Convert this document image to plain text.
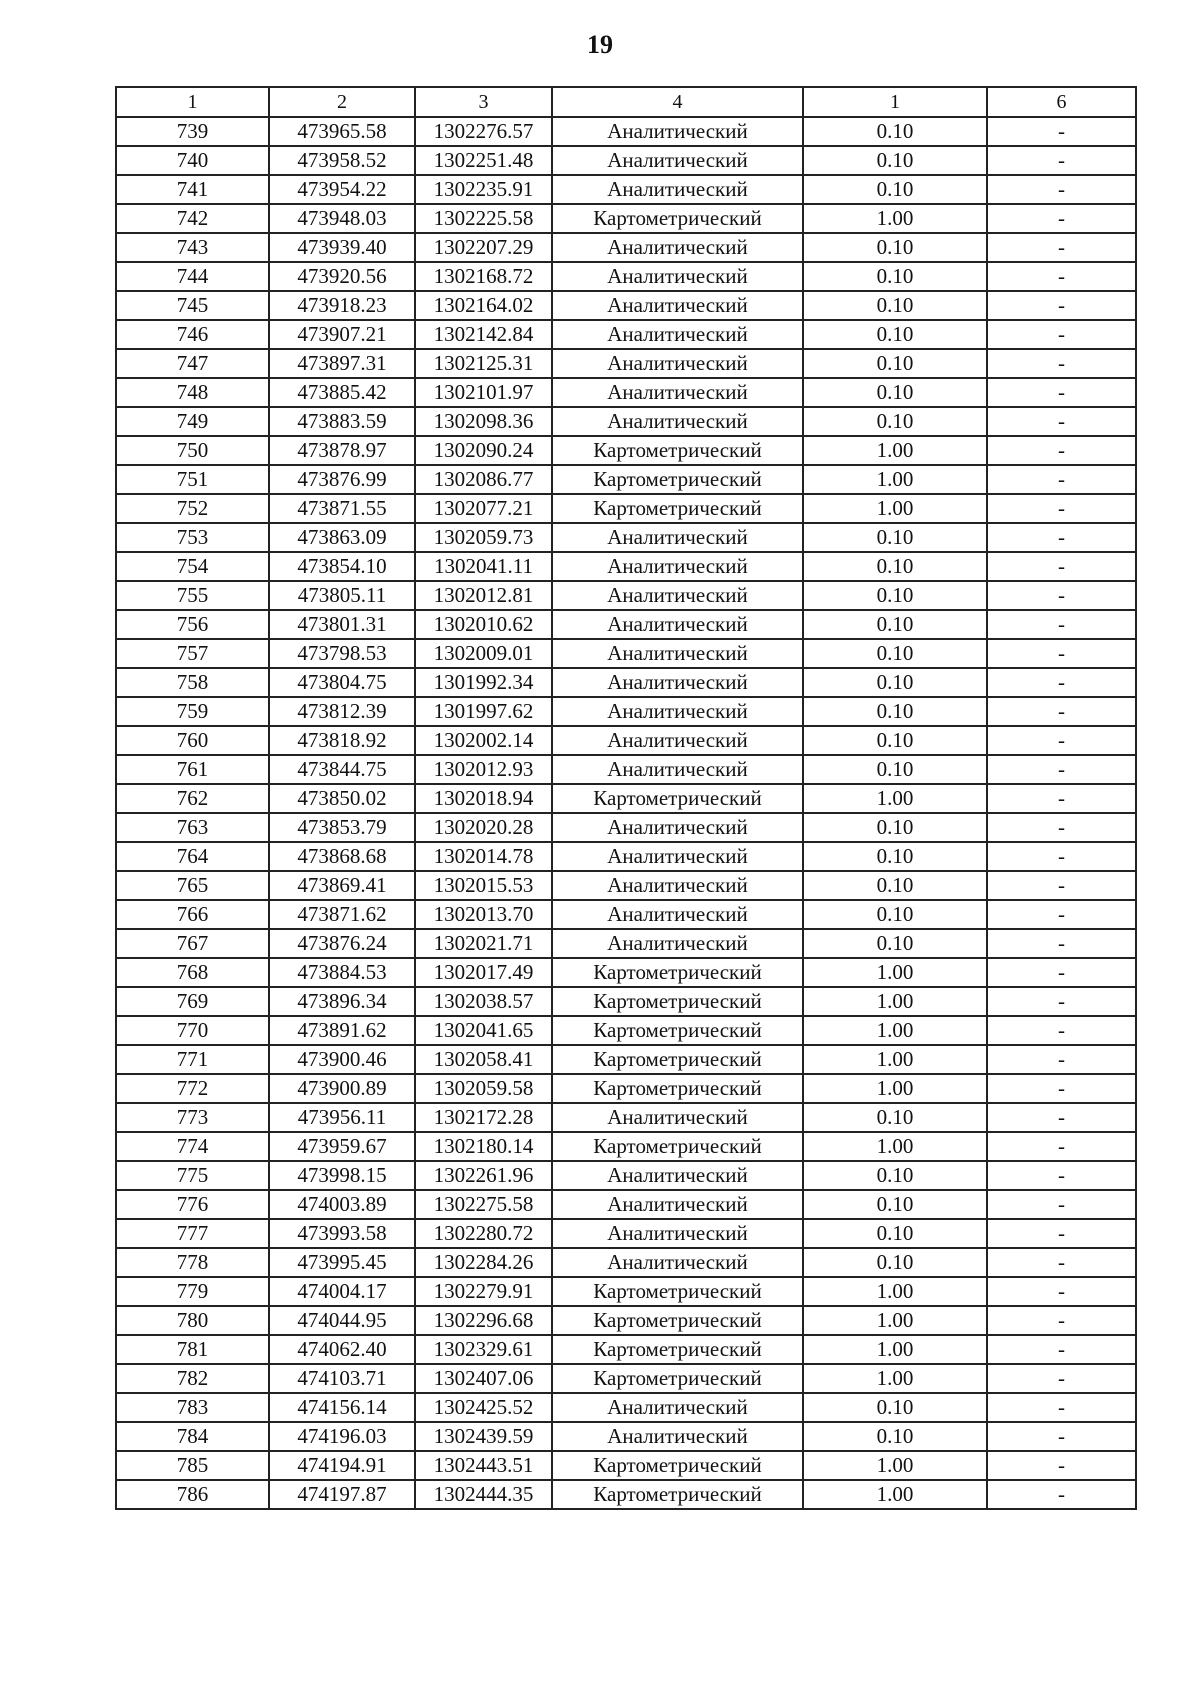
19
1	2	3	4	1	6
739	473965.58	1302276.57	Аналитический	0.10	-
740	473958.52	1302251.48	Аналитический	0.10	-
741	473954.22	1302235.91	Аналитический	0.10	-
742	473948.03	1302225.58	Картометрический	1.00	-
743	473939.40	1302207.29	Аналитический	0.10	-
744	473920.56	1302168.72	Аналитический	0.10	-
745	473918.23	1302164.02	Аналитический	0.10	-
746	473907.21	1302142.84	Аналитический	0.10	-
747	473897.31	1302125.31	Аналитический	0.10	-
748	473885.42	1302101.97	Аналитический	0.10	-
749	473883.59	1302098.36	Аналитический	0.10	-
750	473878.97	1302090.24	Картометрический	1.00	-
751	473876.99	1302086.77	Картометрический	1.00	-
752	473871.55	1302077.21	Картометрический	1.00	-
753	473863.09	1302059.73	Аналитический	0.10	-
754	473854.10	1302041.11	Аналитический	0.10	-
755	473805.11	1302012.81	Аналитический	0.10	-
756	473801.31	1302010.62	Аналитический	0.10	-
757	473798.53	1302009.01	Аналитический	0.10	-
758	473804.75	1301992.34	Аналитический	0.10	-
759	473812.39	1301997.62	Аналитический	0.10	-
760	473818.92	1302002.14	Аналитический	0.10	-
761	473844.75	1302012.93	Аналитический	0.10	-
762	473850.02	1302018.94	Картометрический	1.00	-
763	473853.79	1302020.28	Аналитический	0.10	-
764	473868.68	1302014.78	Аналитический	0.10	-
765	473869.41	1302015.53	Аналитический	0.10	-
766	473871.62	1302013.70	Аналитический	0.10	-
767	473876.24	1302021.71	Аналитический	0.10	-
768	473884.53	1302017.49	Картометрический	1.00	-
769	473896.34	1302038.57	Картометрический	1.00	-
770	473891.62	1302041.65	Картометрический	1.00	-
771	473900.46	1302058.41	Картометрический	1.00	-
772	473900.89	1302059.58	Картометрический	1.00	-
773	473956.11	1302172.28	Аналитический	0.10	-
774	473959.67	1302180.14	Картометрический	1.00	-
775	473998.15	1302261.96	Аналитический	0.10	-
776	474003.89	1302275.58	Аналитический	0.10	-
777	473993.58	1302280.72	Аналитический	0.10	-
778	473995.45	1302284.26	Аналитический	0.10	-
779	474004.17	1302279.91	Картометрический	1.00	-
780	474044.95	1302296.68	Картометрический	1.00	-
781	474062.40	1302329.61	Картометрический	1.00	-
782	474103.71	1302407.06	Картометрический	1.00	-
783	474156.14	1302425.52	Аналитический	0.10	-
784	474196.03	1302439.59	Аналитический	0.10	-
785	474194.91	1302443.51	Картометрический	1.00	-
786	474197.87	1302444.35	Картометрический	1.00	-
